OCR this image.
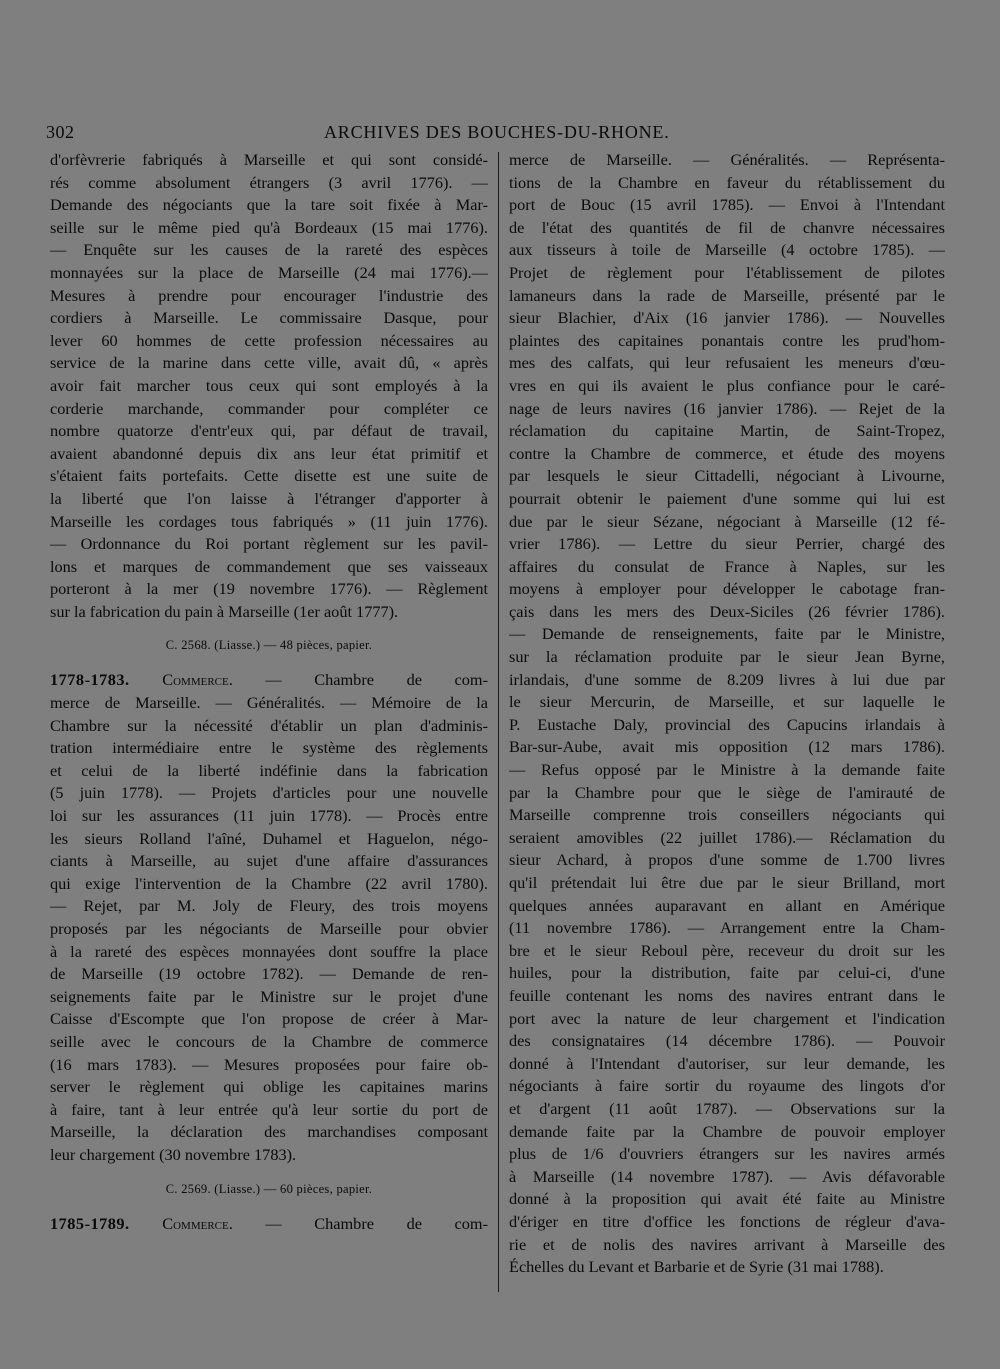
302	ARCHIVES DES BOUCHES-DU-RHONE.
d'orfèvrerie fabriqués à Marseille et qui sont considé-
rés comme absolument étrangers (3 avril 1776). —
Demande des négociants que la tare soit fixée à Mar-
seille sur le même pied qu'à Bordeaux (15 mai 1776).
— Enquête sur les causes de la rareté des espèces
monnayées sur la place de Marseille (24 mai 1776).—
Mesures à prendre pour encourager l'industrie des
cordiers à Marseille. Le commissaire Dasque, pour
lever 60 hommes de cette profession nécessaires au
service de la marine dans cette ville, avait dû, « après
avoir fait marcher tous ceux qui sont employés à la
corderie marchande, commander pour compléter ce
nombre quatorze d'entr'eux qui, par défaut de travail,
avaient abandonné depuis dix ans leur état primitif et
s'étaient faits portefaits. Cette disette est une suite de
la liberté que l'on laisse à l'étranger d'apporter à
Marseille les cordages tous fabriqués » (11 juin 1776).
— Ordonnance du Roi portant règlement sur les pavil-
lons et marques de commandement que ses vaisseaux
porteront à la mer (19 novembre 1776). — Règlement
sur la fabrication du pain à Marseille (1er août 1777).
C. 2568. (Liasse.) — 48 pièces, papier.
1778-1783. Commerce. — Chambre de com-
merce de Marseille. — Généralités. — Mémoire de la
Chambre sur la nécessité d'établir un plan d'adminis-
tration intermédiaire entre le système des règlements
et celui de la liberté indéfinie dans la fabrication
(5 juin 1778). — Projets d'articles pour une nouvelle
loi sur les assurances (11 juin 1778). — Procès entre
les sieurs Rolland l'aîné, Duhamel et Haguelon, négo-
ciants à Marseille, au sujet d'une affaire d'assurances
qui exige l'intervention de la Chambre (22 avril 1780).
— Rejet, par M. Joly de Fleury, des trois moyens
proposés par les négociants de Marseille pour obvier
à la rareté des espèces monnayées dont souffre la place
de Marseille (19 octobre 1782). — Demande de ren-
seignements faite par le Ministre sur le projet d'une
Caisse d'Escompte que l'on propose de créer à Mar-
seille avec le concours de la Chambre de commerce
(16 mars 1783). — Mesures proposées pour faire ob-
server le règlement qui oblige les capitaines marins
à faire, tant à leur entrée qu'à leur sortie du port de
Marseille, la déclaration des marchandises composant
leur chargement (30 novembre 1783).
C. 2569. (Liasse.) — 60 pièces, papier.
1785-1789. Commerce. — Chambre de com-
merce de Marseille. — Généralités. — Représenta-
tions de la Chambre en faveur du rétablissement du
port de Bouc (15 avril 1785). — Envoi à l'Intendant
de l'état des quantités de fil de chanvre nécessaires
aux tisseurs à toile de Marseille (4 octobre 1785). —
Projet de règlement pour l'établissement de pilotes
lamaneurs dans la rade de Marseille, présenté par le
sieur Blachier, d'Aix (16 janvier 1786). — Nouvelles
plaintes des capitaines ponantais contre les prud'hom-
mes des calfats, qui leur refusaient les meneurs d'œu-
vres en qui ils avaient le plus confiance pour le caré-
nage de leurs navires (16 janvier 1786). — Rejet de la
réclamation du capitaine Martin, de Saint-Tropez,
contre la Chambre de commerce, et étude des moyens
par lesquels le sieur Cittadelli, négociant à Livourne,
pourrait obtenir le paiement d'une somme qui lui est
due par le sieur Sézane, négociant à Marseille (12 fé-
vrier 1786). — Lettre du sieur Perrier, chargé des
affaires du consulat de France à Naples, sur les
moyens à employer pour développer le cabotage fran-
çais dans les mers des Deux-Siciles (26 février 1786).
— Demande de renseignements, faite par le Ministre,
sur la réclamation produite par le sieur Jean Byrne,
irlandais, d'une somme de 8.209 livres à lui due par
le sieur Mercurin, de Marseille, et sur laquelle le
P. Eustache Daly, provincial des Capucins irlandais à
Bar-sur-Aube, avait mis opposition (12 mars 1786).
— Refus opposé par le Ministre à la demande faite
par la Chambre pour que le siège de l'amirauté de
Marseille comprenne trois conseillers négociants qui
seraient amovibles (22 juillet 1786).— Réclamation du
sieur Achard, à propos d'une somme de 1.700 livres
qu'il prétendait lui être due par le sieur Brilland, mort
quelques années auparavant en allant en Amérique
(11 novembre 1786). — Arrangement entre la Cham-
bre et le sieur Reboul père, receveur du droit sur les
huiles, pour la distribution, faite par celui-ci, d'une
feuille contenant les noms des navires entrant dans le
port avec la nature de leur chargement et l'indication
des consignataires (14 décembre 1786). — Pouvoir
donné à l'Intendant d'autoriser, sur leur demande, les
négociants à faire sortir du royaume des lingots d'or
et d'argent (11 août 1787). — Observations sur la
demande faite par la Chambre de pouvoir employer
plus de 1/6 d'ouvriers étrangers sur les navires armés
à Marseille (14 novembre 1787). — Avis défavorable
donné à la proposition qui avait été faite au Ministre
d'ériger en titre d'office les fonctions de régleur d'ava-
rie et de nolis des navires arrivant à Marseille des
Échelles du Levant et Barbarie et de Syrie (31 mai 1788).
